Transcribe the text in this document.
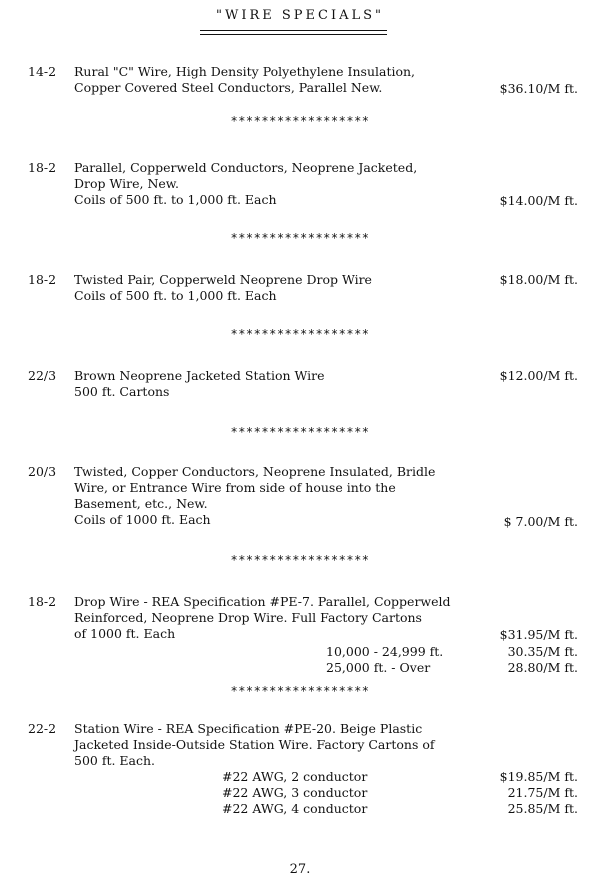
"WIRE SPECIALS"
14-2 Rural "C" Wire, High Density Polyethylene Insulation,
Copper Covered Steel Conductors, Parallel New.	$36.10/M ft.
******************
18-2 Parallel, Copperweld Conductors, Neoprene Jacketed,
Drop Wire, New.
Coils of 500 ft. to 1,000 ft. Each	$14.00/M ft.
******************
18-2 Twisted Pair, Copperweld Neoprene Drop Wire
Coils of 500 ft. to 1,000 ft. Each
$18.00/M ft.
******************
22/3 Brown Neoprene Jacketed Station Wire
500 ft. Cartons
$12.00/M ft.
******************
20/3 Twisted, Copper Conductors, Neoprene Insulated, Bridle
Wire, or Entrance Wire from side of house into the
Basement, etc., New.
Coils of 1000 ft. Each	$ 7.00/M ft.
******************
18-2 Drop Wire - REA Specification #PE-7. Parallel, Copperweld
Reinforced, Neoprene Drop Wire. Full Factory Cartons
of 1000 ft. Each	$31.95/M ft.
10,000 - 24,999 ft.	30.35/M ft.
25,000 ft. - Over	28.80/M ft.
******************
22-2 Station Wire - REA Specification #PE-20. Beige Plastic
Jacketed Inside-Outside Station Wire. Factory Cartons of
500 ft. Each.
#22 AWG, 2 conductor	$19.85/M ft.
#22 AWG, 3 conductor	21.75/M ft.
#22 AWG, 4 conductor	25.85/M ft.
27.
